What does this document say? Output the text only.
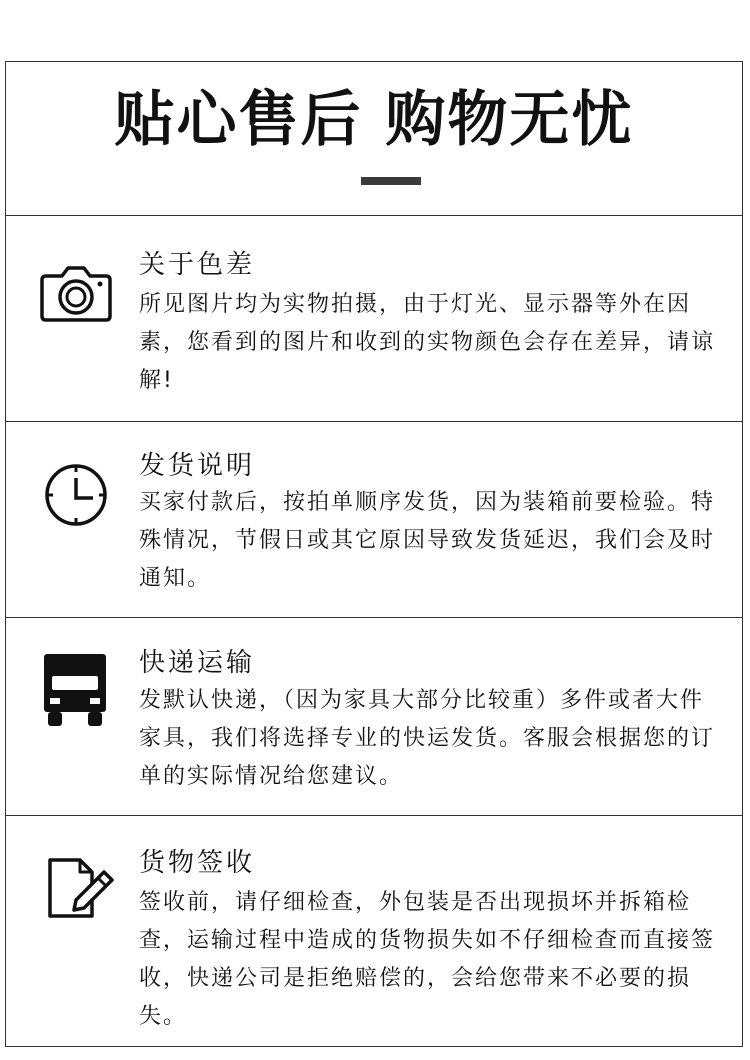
贴心售后 购物无忧
关于色差

所见图片均为实物拍摄，由于灯光、显示器等外在因素，您看到的图片和收到的实物颜色会存在差异，请谅解!

发货说明

买家付款后，按拍单顺序发货，因为装箱前要检验。特殊情况，节假日或其它原因导致发货延迟，我们会及时通知。

快递运输

发默认快递，（因为家具大部分比较重）多件或者大件家具，我们将选择专业的快运发货。客服会根据您的订单的实际情况给您建议。

货物签收

签收前，请仔细检查，外包装是否出现损坏并拆箱检查，运输过程中造成的货物损失如不仔细检查而直接签收，快递公司是拒绝赔偿的，会给您带来不必要的损失。
